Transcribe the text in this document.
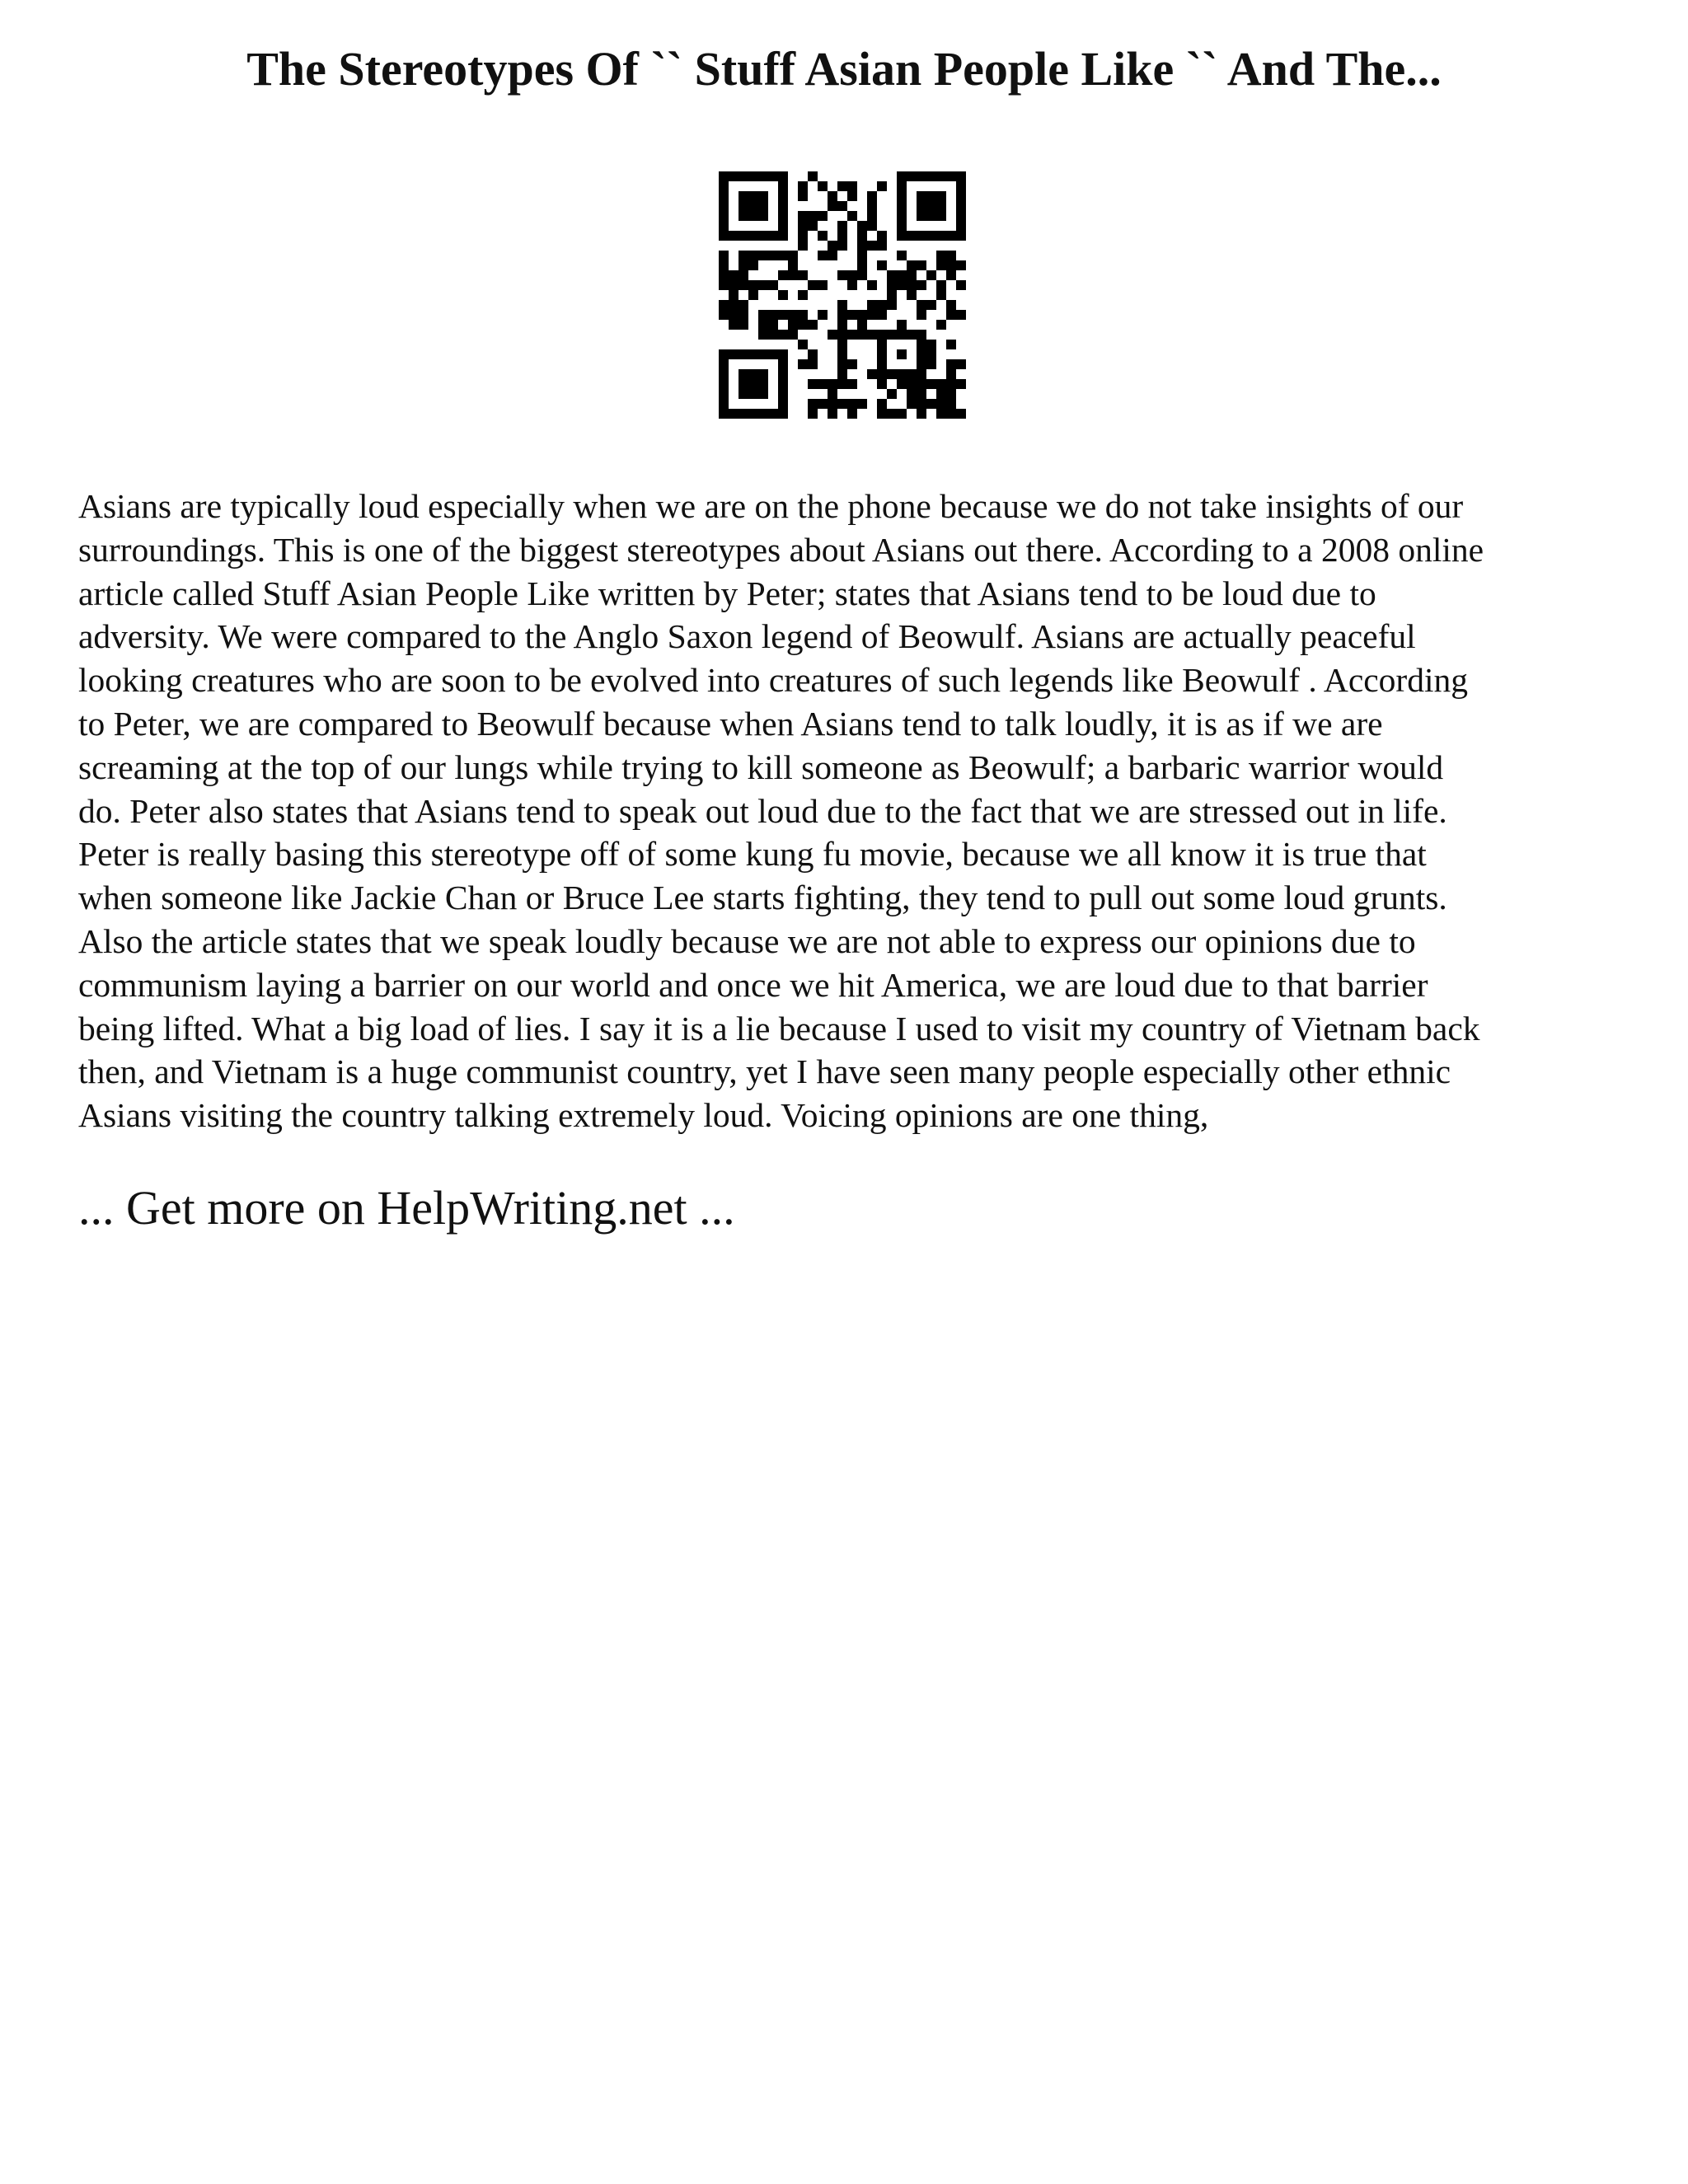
The Stereotypes Of `` Stuff Asian People Like `` And The...
Asians are typically loud especially when we are on the phone because we do not take insights of our
surroundings. This is one of the biggest stereotypes about Asians out there. According to a 2008 online
article called Stuff Asian People Like written by Peter; states that Asians tend to be loud due to
adversity. We were compared to the Anglo Saxon legend of Beowulf. Asians are actually peaceful
looking creatures who are soon to be evolved into creatures of such legends like Beowulf . According
to Peter, we are compared to Beowulf because when Asians tend to talk loudly, it is as if we are
screaming at the top of our lungs while trying to kill someone as Beowulf; a barbaric warrior would
do. Peter also states that Asians tend to speak out loud due to the fact that we are stressed out in life.
Peter is really basing this stereotype off of some kung fu movie, because we all know it is true that
when someone like Jackie Chan or Bruce Lee starts fighting, they tend to pull out some loud grunts.
Also the article states that we speak loudly because we are not able to express our opinions due to
communism laying a barrier on our world and once we hit America, we are loud due to that barrier
being lifted. What a big load of lies. I say it is a lie because I used to visit my country of Vietnam back
then, and Vietnam is a huge communist country, yet I have seen many people especially other ethnic
Asians visiting the country talking extremely loud. Voicing opinions are one thing,

... Get more on HelpWriting.net ...
